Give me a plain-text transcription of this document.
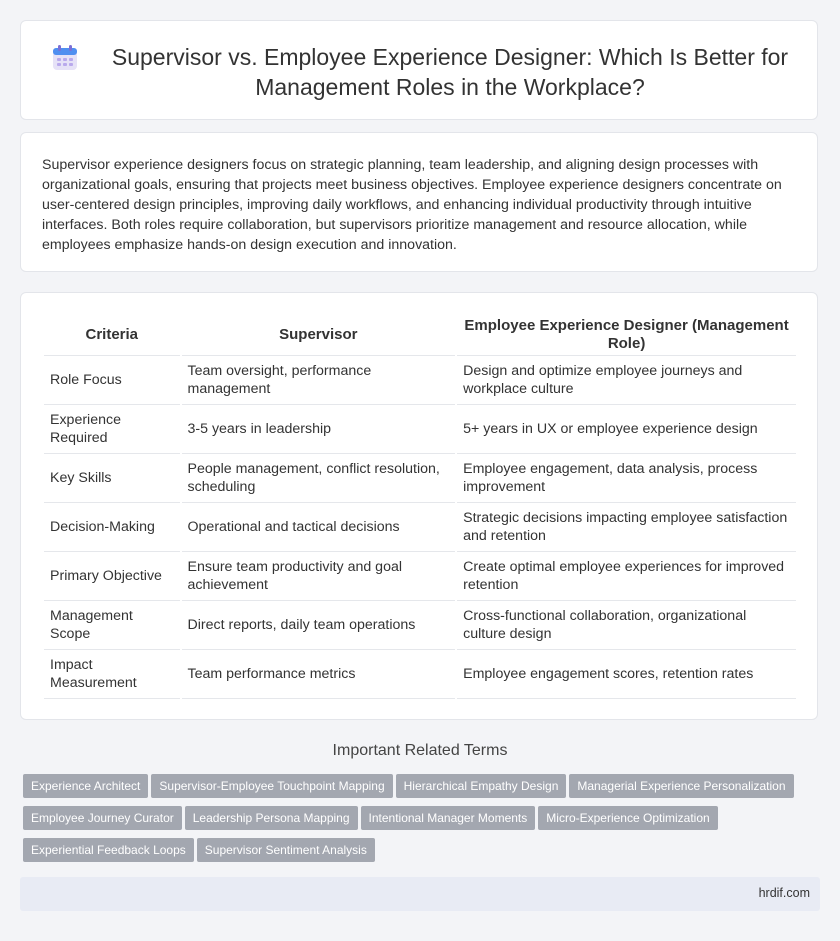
Supervisor vs. Employee Experience Designer: Which Is Better for Management Roles in the Workplace?

Supervisor experience designers focus on strategic planning, team leadership, and aligning design processes with organizational goals, ensuring that projects meet business objectives. Employee experience designers concentrate on user-centered design principles, improving daily workflows, and enhancing individual productivity through intuitive interfaces. Both roles require collaboration, but supervisors prioritize management and resource allocation, while employees emphasize hands-on design execution and innovation.

Criteria	Supervisor	Employee Experience Designer (Management Role)
Role Focus	Team oversight, performance management	Design and optimize employee journeys and workplace culture
Experience Required	3-5 years in leadership	5+ years in UX or employee experience design
Key Skills	People management, conflict resolution, scheduling	Employee engagement, data analysis, process improvement
Decision-Making	Operational and tactical decisions	Strategic decisions impacting employee satisfaction and retention
Primary Objective	Ensure team productivity and goal achievement	Create optimal employee experiences for improved retention
Management Scope	Direct reports, daily team operations	Cross-functional collaboration, organizational culture design
Impact Measurement	Team performance metrics	Employee engagement scores, retention rates
Important Related Terms
Experience Architect Supervisor-Employee Touchpoint Mapping Hierarchical Empathy Design Managerial Experience PersonalizationEmployee Journey Curator Leadership Persona Mapping Intentional Manager Moments Micro-Experience OptimizationExperiential Feedback Loops Supervisor Sentiment Analysis
hrdif.com
